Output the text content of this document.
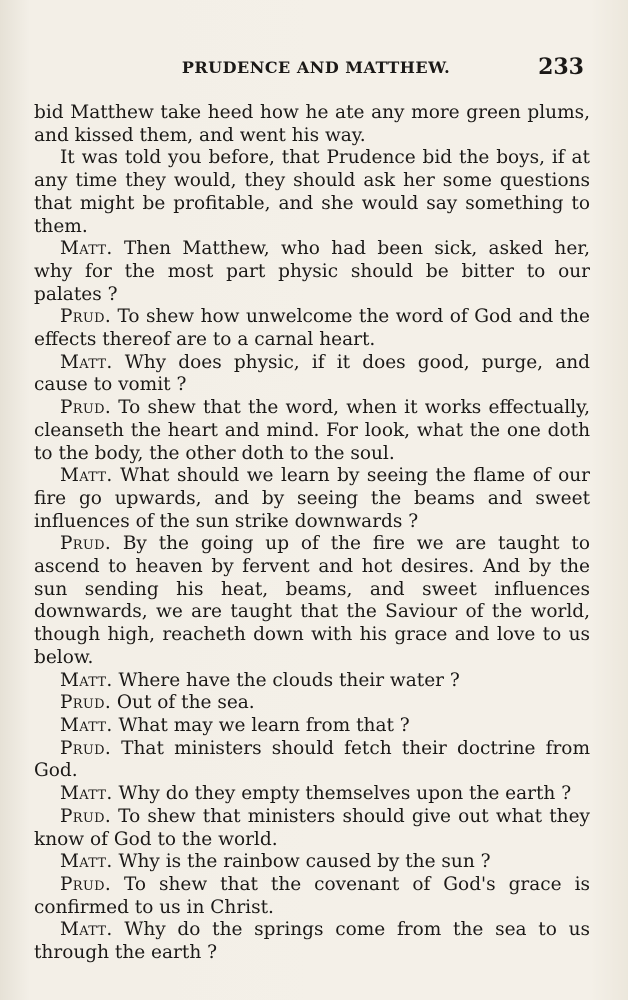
PRUDENCE AND MATTHEW.	233

bid Matthew take heed how he ate any more green plums, and kissed them, and went his way.

It was told you before, that Prudence bid the boys, if at any time they would, they should ask her some questions that might be profitable, and she would say something to them.

Matt. Then Matthew, who had been sick, asked her, why for the most part physic should be bitter to our palates ?

Prud. To shew how unwelcome the word of God and the effects thereof are to a carnal heart.

Matt. Why does physic, if it does good, purge, and cause to vomit ?

Prud. To shew that the word, when it works effectually, cleanseth the heart and mind. For look, what the one doth to the body, the other doth to the soul.

Matt. What should we learn by seeing the flame of our fire go upwards, and by seeing the beams and sweet influences of the sun strike downwards ?

Prud. By the going up of the fire we are taught to ascend to heaven by fervent and hot desires. And by the sun sending his heat, beams, and sweet influences downwards, we are taught that the Saviour of the world, though high, reacheth down with his grace and love to us below.

Matt. Where have the clouds their water ?

Prud. Out of the sea.

Matt. What may we learn from that ?

Prud. That ministers should fetch their doctrine from God.

Matt. Why do they empty themselves upon the earth ?

Prud. To shew that ministers should give out what they know of God to the world.

Matt. Why is the rainbow caused by the sun ?

Prud. To shew that the covenant of God's grace is confirmed to us in Christ.

Matt. Why do the springs come from the sea to us through the earth ?
